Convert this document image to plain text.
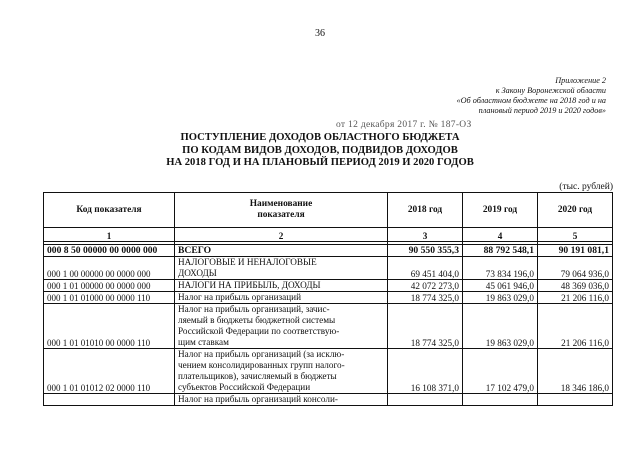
36
Приложение 2
к Закону Воронежской области
«Об областном бюджете на 2018 год и на
плановый период 2019 и 2020 годов»
от 12 декабря 2017 г. № 187-ОЗ
ПОСТУПЛЕНИЕ ДОХОДОВ ОБЛАСТНОГО БЮДЖЕТА
ПО КОДАМ ВИДОВ ДОХОДОВ, ПОДВИДОВ ДОХОДОВ
НА 2018 ГОД И НА ПЛАНОВЫЙ ПЕРИОД 2019 И 2020 ГОДОВ
(тыс. рублей)
Код показателя	Наименование
показателя	2018 год	2019 год	2020 год
1	2	3	4	5

000 8 50 00000 00 0000 000	ВСЕГО	90 550 355,3	88 792 548,1	90 191 081,1
000 1 00 00000 00 0000 000	НАЛОГОВЫЕ И НЕНАЛОГОВЫЕ
ДОХОДЫ	69 451 404,0	73 834 196,0	79 064 936,0
000 1 01 00000 00 0000 000	НАЛОГИ НА ПРИБЫЛЬ, ДОХОДЫ	42 072 273,0	45 061 946,0	48 369 036,0
000 1 01 01000 00 0000 110	Налог на прибыль организаций	18 774 325,0	19 863 029,0	21 206 116,0
000 1 01 01010 00 0000 110	Налог на прибыль организаций, зачис-
ляемый в бюджеты бюджетной системы
Российской Федерации по соответствую-
щим ставкам	18 774 325,0	19 863 029,0	21 206 116,0
000 1 01 01012 02 0000 110	Налог на прибыль организаций (за исклю-
чением консолидированных групп налого-
плательщиков), зачисляемый в бюджеты
субъектов Российской Федерации	16 108 371,0	17 102 479,0	18 346 186,0

	Налог на прибыль организаций консоли-			
